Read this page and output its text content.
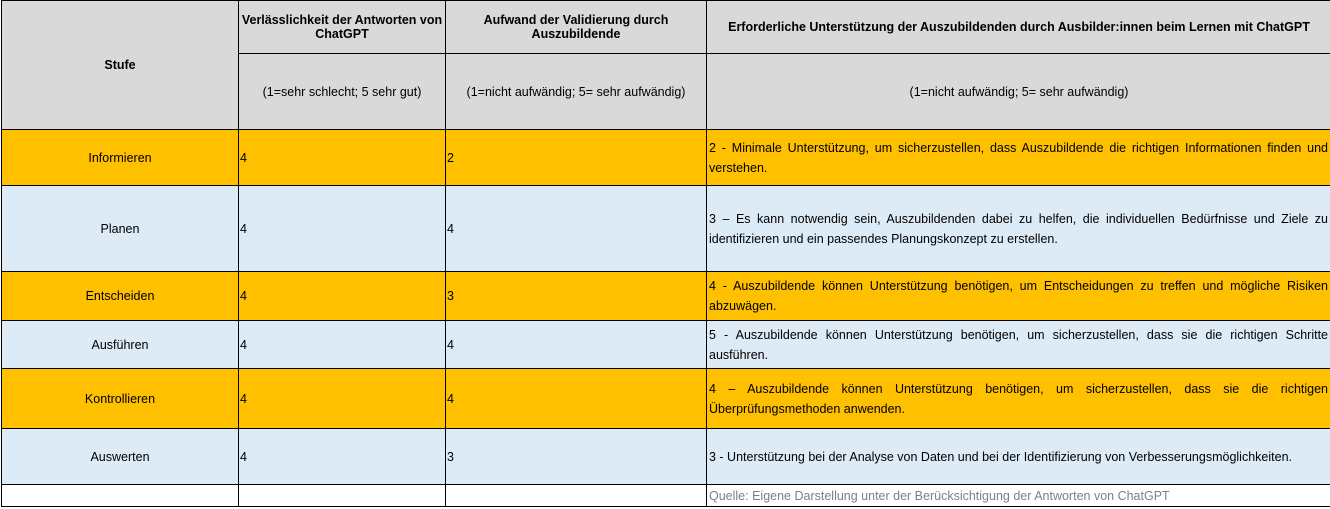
Stufe	Verlässlichkeit der Antworten von ChatGPT	Aufwand der Validierung durch Auszubildende	Erforderliche Unterstützung der Auszubildenden durch Ausbilder:innen beim Lernen mit ChatGPT
	(1=sehr schlecht; 5 sehr gut)	(1=nicht aufwändig; 5= sehr aufwändig)	(1=nicht aufwändig; 5= sehr aufwändig)
Informieren	4	2	2 - Minimale Unterstützung, um sicherzustellen, dass Auszubildende die richtigen Informationen finden und verstehen.
Planen	4	4	3 – Es kann notwendig sein, Auszubildenden dabei zu helfen, die individuellen Bedürfnisse und Ziele zu identifizieren und ein passendes Planungskonzept zu erstellen.
Entscheiden	4	3	4 - Auszubildende können Unterstützung benötigen, um Entscheidungen zu treffen und mögliche Risiken abzuwägen.
Ausführen	4	4	5 - Auszubildende können Unterstützung benötigen, um sicherzustellen, dass sie die richtigen Schritte ausführen.
Kontrollieren	4	4	4 – Auszubildende können Unterstützung benötigen, um sicherzustellen, dass sie die richtigen Überprüfungsmethoden anwenden.
Auswerten	4	3	3 - Unterstützung bei der Analyse von Daten und bei der Identifizierung von Verbesserungsmöglichkeiten.
			Quelle: Eigene Darstellung unter der Berücksichtigung der Antworten von ChatGPT
